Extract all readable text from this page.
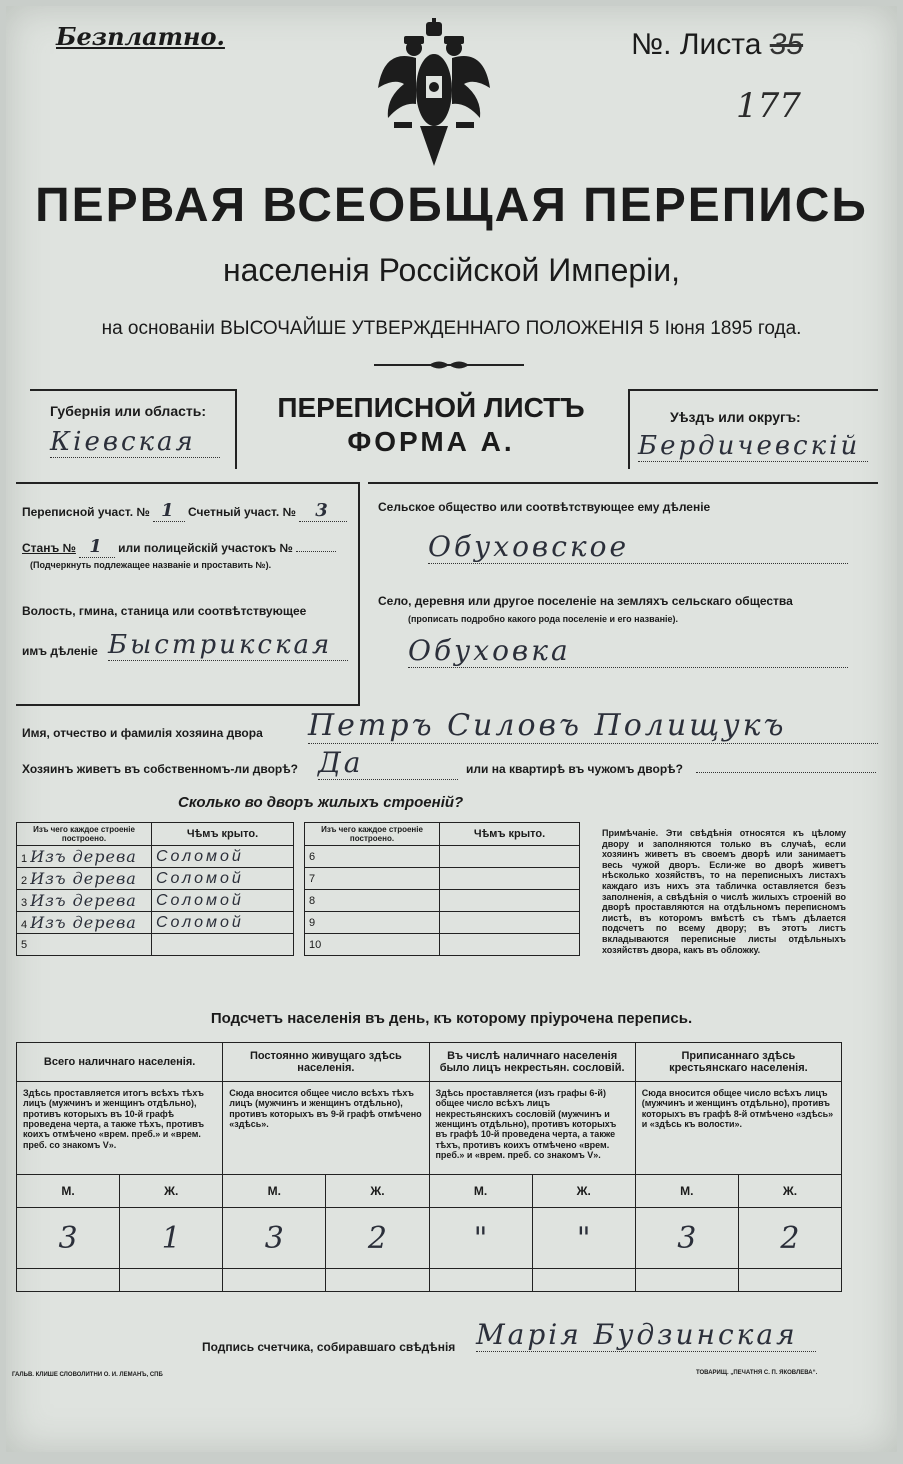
Безплатно.	№. Листа 35
177
ПЕРВАЯ ВСЕОБЩАЯ ПЕРЕПИСЬ
населенія Россійской Имперіи,
на основаніи ВЫСОЧАЙШЕ УТВЕРЖДЕННАГО ПОЛОЖЕНІЯ 5 Іюня 1895 года.
Губернія или область:
Кіевская
ПЕРЕПИСНОЙ ЛИСТЪ
ФОРМА А.
Уѣздъ или округъ:
Бердичевскій
Переписной участ. № 1 Счетный участ. № 3
Станъ № 1 или полицейскій участокъ №
(Подчеркнуть подлежащее названіе и проставить №).
Волость, гмина, станица или соотвѣтствующее
имъ дѣленіе Быстрикская
Сельское общество или соотвѣтствующее ему дѣленіе
Обуховское
Село, деревня или другое поселеніе на земляхъ сельскаго общества
(прописать подробно какого рода поселеніе и его названіе).
Обуховка
Имя, отчество и фамилія хозяина двора Петръ Силовъ Полищукъ
Хозяинъ живетъ въ собственномъ-ли дворѣ? Да	или на квартирѣ въ чужомъ дворѣ?
Сколько во дворъ жилыхъ строеній?
Изъ чего каждое строеніе построено.	Чѣмъ крыто.
1 Изъ дерева	Соломой
2 Изъ дерева	Соломой
3 Изъ дерева	Соломой
4 Изъ дерева	Соломой
5	
Изъ чего каждое строеніе построено.	Чѣмъ крыто.
6	
7	
8	
9	
10	
Примѣчаніе. Эти свѣдѣнія относятся къ цѣлому двору и заполняются только въ случаѣ, если хозяинъ живетъ въ своемъ дворѣ или занимаетъ весь чужой дворъ. Если-же во дворѣ живетъ нѣсколько хозяйствъ, то на переписныхъ листахъ каждаго изъ нихъ эта табличка оставляется безъ заполненія, а свѣдѣнія о числѣ жилыхъ строеній во дворѣ проставляются на отдѣльномъ переписномъ листѣ, въ которомъ вмѣстѣ съ тѣмъ дѣлается подсчетъ по всему двору; въ этотъ листъ вкладываются переписные листы отдѣльныхъ хозяйствъ двора, какъ въ обложку.
Подсчетъ населенія въ день, къ которому пріурочена перепись.
Всего наличнаго населенія.		Постоянно живущаго здѣсь населенія.		Въ числѣ наличнаго населенія было лицъ некрестьян. сословій.		Приписаннаго здѣсь крестьянскаго населенія.	
Здѣсь проставляется итогъ всѣхъ тѣхъ лицъ (мужчинъ и женщинъ отдѣльно), противъ которыхъ въ 10-й графѣ проведена черта, а также тѣхъ, противъ коихъ отмѣчено «врем. преб.» и «врем. преб. со знакомъ V».		Сюда вносится общее число всѣхъ тѣхъ лицъ (мужчинъ и женщинъ отдѣльно), противъ которыхъ въ 9-й графѣ отмѣчено «здѣсь».		Здѣсь проставляется (изъ графы 6-й) общее число всѣхъ лицъ некрестьянскихъ сословій (мужчинъ и женщинъ отдѣльно), противъ которыхъ въ графѣ 10-й проведена черта, а также тѣхъ, противъ коихъ отмѣчено «врем. преб.» и «врем. преб. со знакомъ V».		Сюда вносится общее число всѣхъ лицъ (мужчинъ и женщинъ отдѣльно), противъ которыхъ въ графѣ 8-й отмѣчено «здѣсь» и «здѣсь къ волости».	
М.	Ж.	М.	Ж.	М.	Ж.	М.	Ж.
3	1	3	2	"	"	3	2

Подпись счетчика, собиравшаго свѣдѣнія Марія Будзинская
ГАЛЬВ. КЛИШЕ СЛОВОЛИТНИ О. И. ЛЕМАНЪ, СПБ	ТОВАРИЩ. „ПЕЧАТНЯ С. П. ЯКОВЛЕВА“.
